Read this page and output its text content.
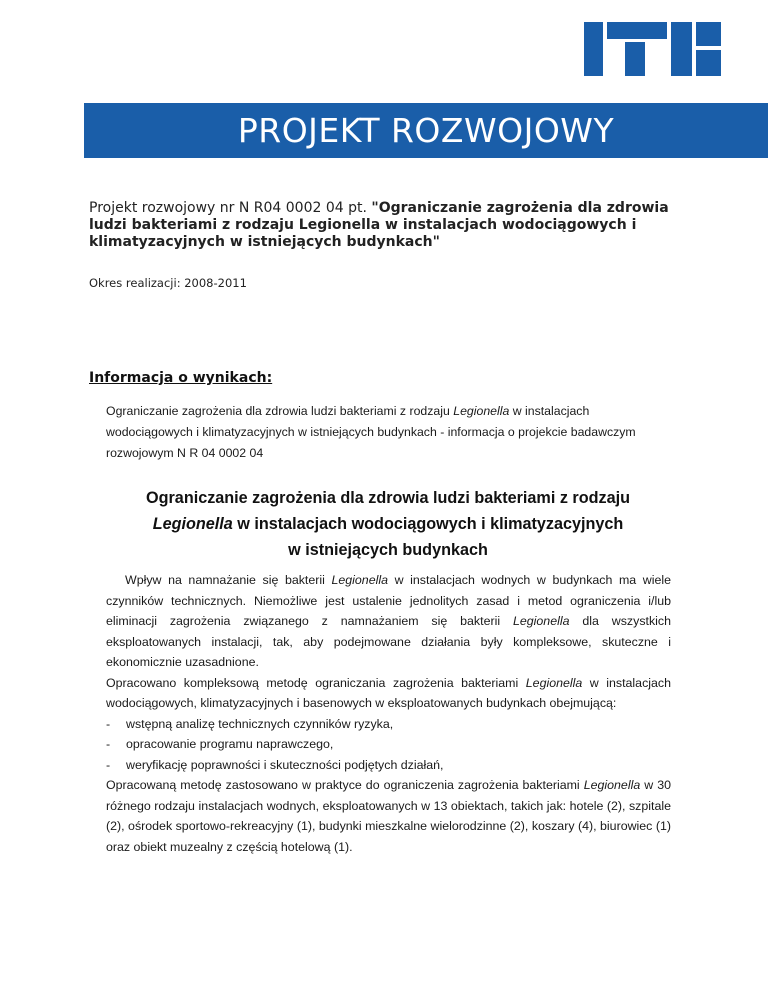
PROJEKT ROZWOJOWY
Projekt rozwojowy nr N R04 0002 04 pt. "Ograniczanie zagrożenia dla zdrowia ludzi bakteriami z rodzaju Legionella w instalacjach wodociągowych i klimatyzacyjnych w istniejących budynkach"
Okres realizacji: 2008-2011
Informacja o wynikach:
Ograniczanie zagrożenia dla zdrowia ludzi bakteriami z rodzaju Legionella w instalacjach wodociągowych i klimatyzacyjnych w istniejących budynkach - informacja o projekcie badawczym rozwojowym N R 04 0002 04
Ograniczanie zagrożenia dla zdrowia ludzi bakteriami z rodzaju
Legionella w instalacjach wodociągowych i klimatyzacyjnych
w istniejących budynkach

Wpływ na namnażanie się bakterii Legionella w instalacjach wodnych w budynkach ma wiele czynników technicznych. Niemożliwe jest ustalenie jednolitych zasad i metod ograniczenia i/lub eliminacji zagrożenia związanego z namnażaniem się bakterii Legionella dla wszystkich eksploatowanych instalacji, tak, aby podejmowane działania były kompleksowe, skuteczne i ekonomicznie uzasadnione.

Opracowano kompleksową metodę ograniczania zagrożenia bakteriami Legionella w instalacjach wodociągowych, klimatyzacyjnych i basenowych w eksploatowanych budynkach obejmującą:

-	wstępną analizę technicznych czynników ryzyka,
-	opracowanie programu naprawczego,
-	weryfikację poprawności i skuteczności podjętych działań,

Opracowaną metodę zastosowano w praktyce do ograniczenia zagrożenia bakteriami Legionella w 30 różnego rodzaju instalacjach wodnych, eksploatowanych w 13 obiektach, takich jak: hotele (2), szpitale (2), ośrodek sportowo-rekreacyjny (1), budynki mieszkalne wielorodzinne (2), koszary (4), biurowiec (1) oraz obiekt muzealny z częścią hotelową (1).
